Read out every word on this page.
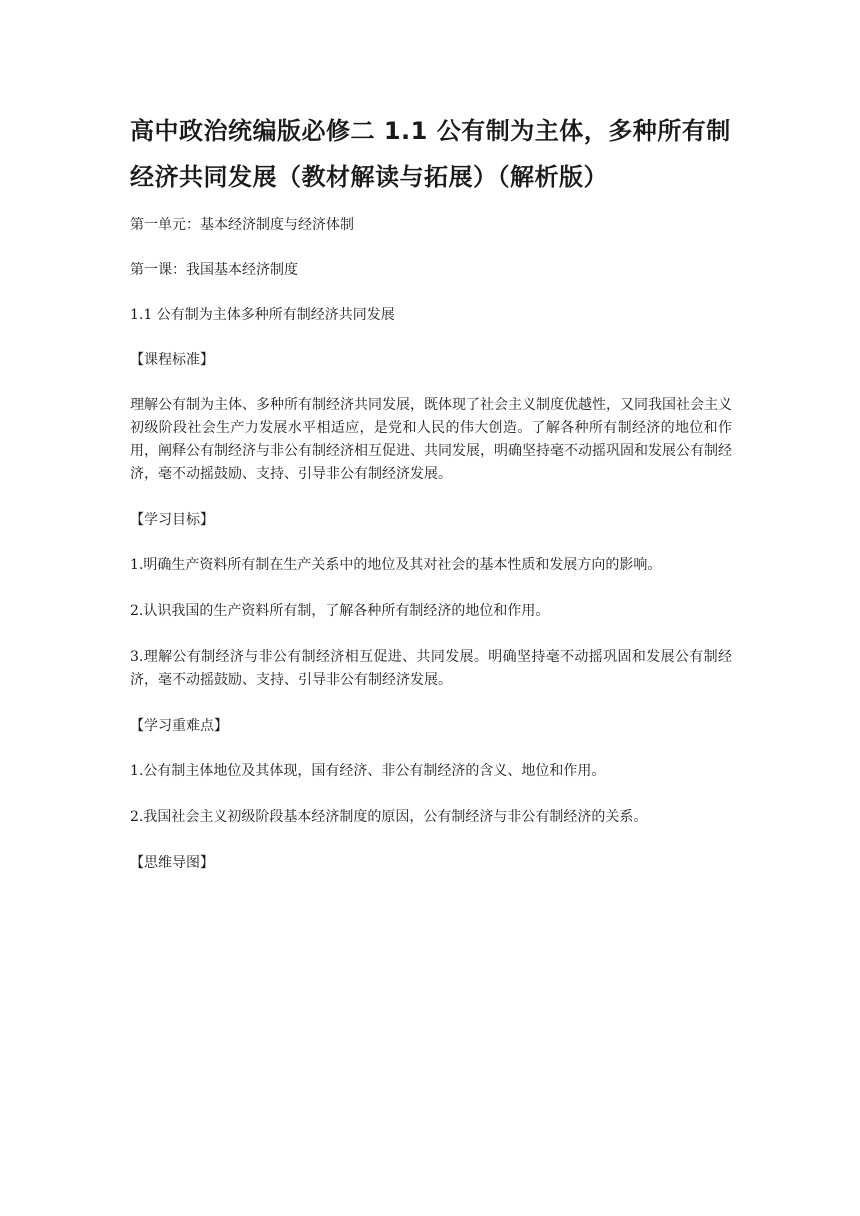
高中政治统编版必修二 1.1 公有制为主体，多种所有制经济共同发展（教材解读与拓展）（解析版）
第一单元：基本经济制度与经济体制
第一课：我国基本经济制度
1.1 公有制为主体多种所有制经济共同发展
【课程标准】
理解公有制为主体、多种所有制经济共同发展，既体现了社会主义制度优越性，又同我国社会主义初级阶段社会生产力发展水平相适应，是党和人民的伟大创造。了解各种所有制经济的地位和作用，阐释公有制经济与非公有制经济相互促进、共同发展，明确坚持毫不动摇巩固和发展公有制经济，毫不动摇鼓励、支持、引导非公有制经济发展。
【学习目标】
1.明确生产资料所有制在生产关系中的地位及其对社会的基本性质和发展方向的影响。
2.认识我国的生产资料所有制，了解各种所有制经济的地位和作用。
3.理解公有制经济与非公有制经济相互促进、共同发展。明确坚持毫不动摇巩固和发展公有制经济，毫不动摇鼓励、支持、引导非公有制经济发展。
【学习重难点】
1.公有制主体地位及其体现，国有经济、非公有制经济的含义、地位和作用。
2.我国社会主义初级阶段基本经济制度的原因，公有制经济与非公有制经济的关系。
【思维导图】
